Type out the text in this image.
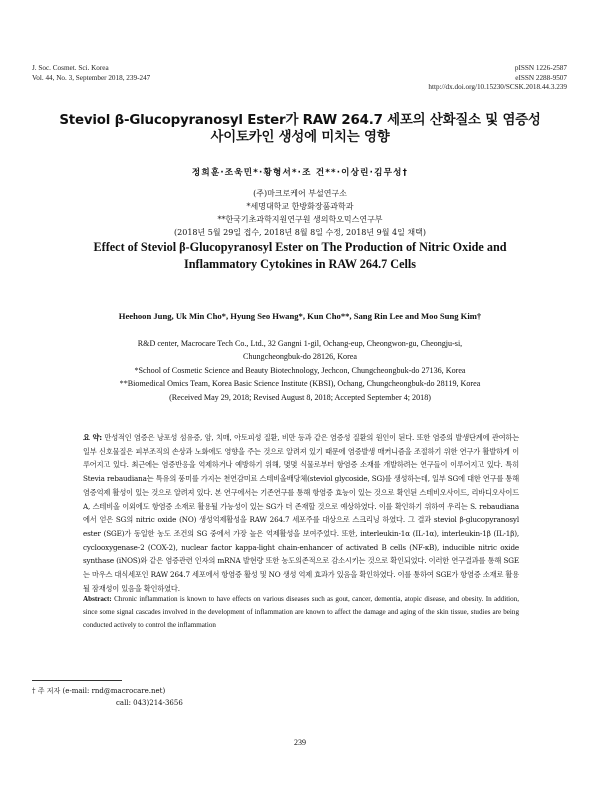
J. Soc. Cosmet. Sci. Korea
Vol. 44, No. 3, September 2018, 239-247
pISSN 1226-2587
eISSN 2288-9507
http://dx.doi.org/10.15230/SCSK.2018.44.3.239
Steviol β-Glucopyranosyl Ester가 RAW 264.7 세포의 산화질소 및 염증성
사이토카인 생성에 미치는 영향
정희훈·조욱민*·황형서*·조 건**·이상린·김무성†
(주)마크로케어 부설연구소
*세명대학교 한방화장품과학과
**한국기초과학지원연구원 생의학오믹스연구부
(2018년 5월 29일 접수, 2018년 8월 8일 수정, 2018년 9월 4일 채택)
Effect of Steviol β-Glucopyranosyl Ester on The Production of Nitric Oxide and
Inflammatory Cytokines in RAW 264.7 Cells
Heehoon Jung, Uk Min Cho*, Hyung Seo Hwang*, Kun Cho**, Sang Rin Lee and Moo Sung Kim†
R&D center, Macrocare Tech Co., Ltd., 32 Gangni 1-gil, Ochang-eup, Cheongwon-gu, Cheongju-si,
Chungcheongbuk-do 28126, Korea
*School of Cosmetic Science and Beauty Biotechnology, Jechcon, Chungcheongbuk-do 27136, Korea
**Biomedical Omics Team, Korea Basic Science Institute (KBSI), Ochang, Chungcheongbuk-do 28119, Korea
(Received May 29, 2018; Revised August 8, 2018; Accepted September 4; 2018)
요 약: 만성적인 염증은 낭포성 섬유증, 암, 치매, 아토피성 질환, 비만 등과 같은 염증성 질환의 원인이 된다. 또한 염증의 발생단계에 관여하는 일부 신호물질은 피부조직의 손상과 노화에도 영향을 주는 것으로 알려져 있기 때문에 염증발생 매커니즘을 조절하기 위한 연구가 활발하게 이루어지고 있다. 최근에는 염증반응을 억제하거나 예방하기 위해, 몇몇 식물로부터 항염증 소재를 개발하려는 연구들이 이루어지고 있다. 특히 Stevia rebaudiana는 특유의 풍미를 가지는 천연감미료 스테비올배당체(steviol glycoside, SG)를 생성하는데, 일부 SG에 대한 연구를 통해 염증억제 활성이 있는 것으로 알려져 있다. 본 연구에서는 기존연구를 통해 항염증 효능이 있는 것으로 확인된 스테비오사이드, 리바디오사이드 A, 스테비올 이외에도 항염증 소재로 활용될 가능성이 있는 SG가 더 존재할 것으로 예상하였다. 이를 확인하기 위하여 우리는 S. rebaudiana에서 얻은 SG의 nitric oxide (NO) 생성억제활성을 RAW 264.7 세포주를 대상으로 스크리닝 하였다. 그 결과 steviol β-glucopyranosyl ester (SGE)가 동일한 농도 조건의 SG 중에서 가장 높은 억제활성을 보여주었다. 또한, interleukin-1α (IL-1α), interleukin-1β (IL-1β), cyclooxygenase-2 (COX-2), nuclear factor kappa-light chain-enhancer of activated B cells (NF-κB), inducible nitric oxide synthase (iNOS)와 같은 염증관련 인자의 mRNA 발현량 또한 농도의존적으로 감소시키는 것으로 확인되었다. 이러한 연구결과를 통해 SGE는 마우스 대식세포인 RAW 264.7 세포에서 항염증 활성 및 NO 생성 억제 효과가 있음을 확인하였다. 이를 통하여 SGE가 항염증 소재로 활용될 잠재성이 있음을 확인하였다.
Abstract: Chronic inflammation is known to have effects on various diseases such as gout, cancer, dementia, atopic disease, and obesity. In addition, since some signal cascades involved in the development of inflammation are known to affect the damage and aging of the skin tissue, studies are being conducted actively to control the inflammation
† 주 저자 (e-mail: rnd@macrocare.net)
call: 043)214-3656
239
